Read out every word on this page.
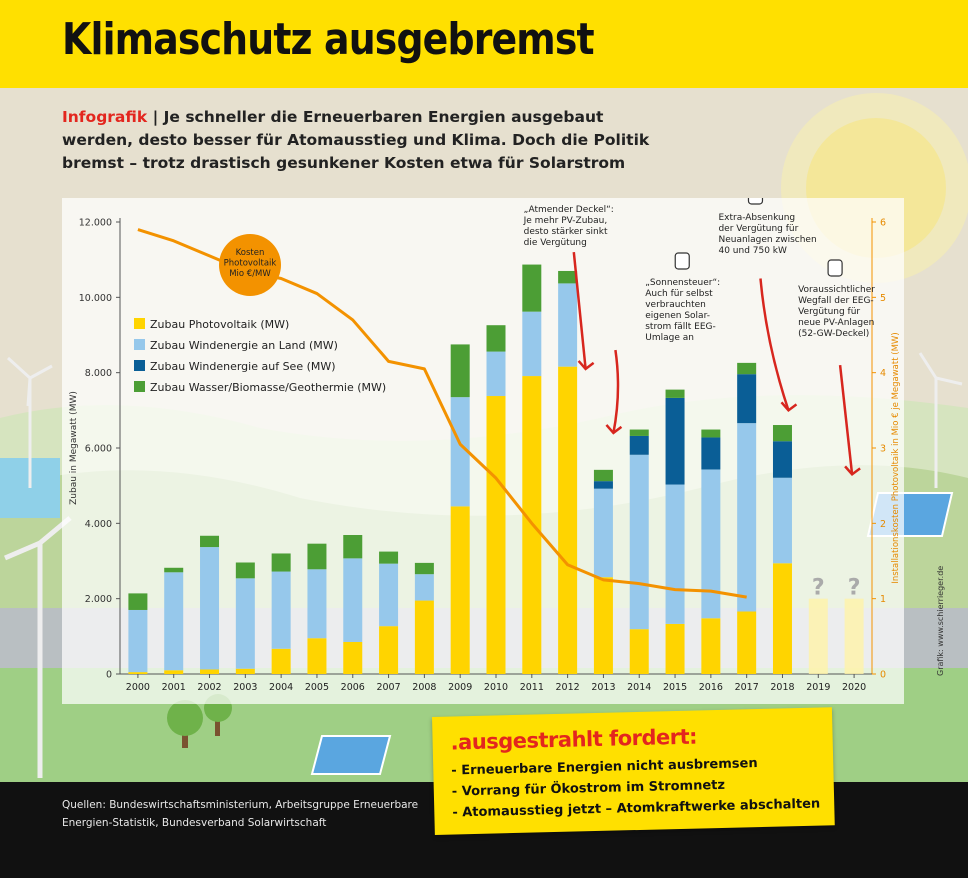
Klimaschutz ausgebremst
Infografik | Je schneller die Erneuerbaren Energien ausgebaut werden, desto besser für Atomausstieg und Klima. Doch die Politik bremst – trotz drastisch gesunkener Kosten etwa für Solarstrom
0
2.000
4.000
6.000
8.000
10.000
12.000
0
1
2
3
4
5
6
Zubau in Megawatt (MW)	Installationskosten Photovoltaik in Mio € je Megawatt (MW)
2000 2001 2002 2003 2004 2005 2006 2007 2008 2009 2010 2011 2012 2013 2014 2015 2016 2017 2018 2019 2020
? ?
Kosten
Photovoltaik
Mio €/MW
Zubau Photovoltaik (MW)
Zubau Windenergie an Land (MW)
Zubau Windenergie auf See (MW)
Zubau Wasser/Biomasse/Geothermie (MW)
„Atmender Deckel“:
Je mehr PV-Zubau,
desto stärker sinkt
die Vergütung
„Sonnensteuer“:
Auch für selbst
verbrauchten
eigenen Solar-
strom fällt EEG-
Umlage an
Extra-Absenkung
der Vergütung für
Neuanlagen zwischen
40 und 750 kW
Voraussichtlicher
Wegfall der EEG-
Vergütung für
neue PV-Anlagen
(52-GW-Deckel)
Grafik: www.schierrieger.de
Quellen: Bundeswirtschaftsministerium, Arbeitsgruppe Erneuerbare Energien-Statistik, Bundesverband Solarwirtschaft
.ausgestrahlt fordert:
- Erneuerbare Energien nicht ausbremsen
- Vorrang für Ökostrom im Stromnetz
- Atomausstieg jetzt – Atomkraftwerke abschalten
